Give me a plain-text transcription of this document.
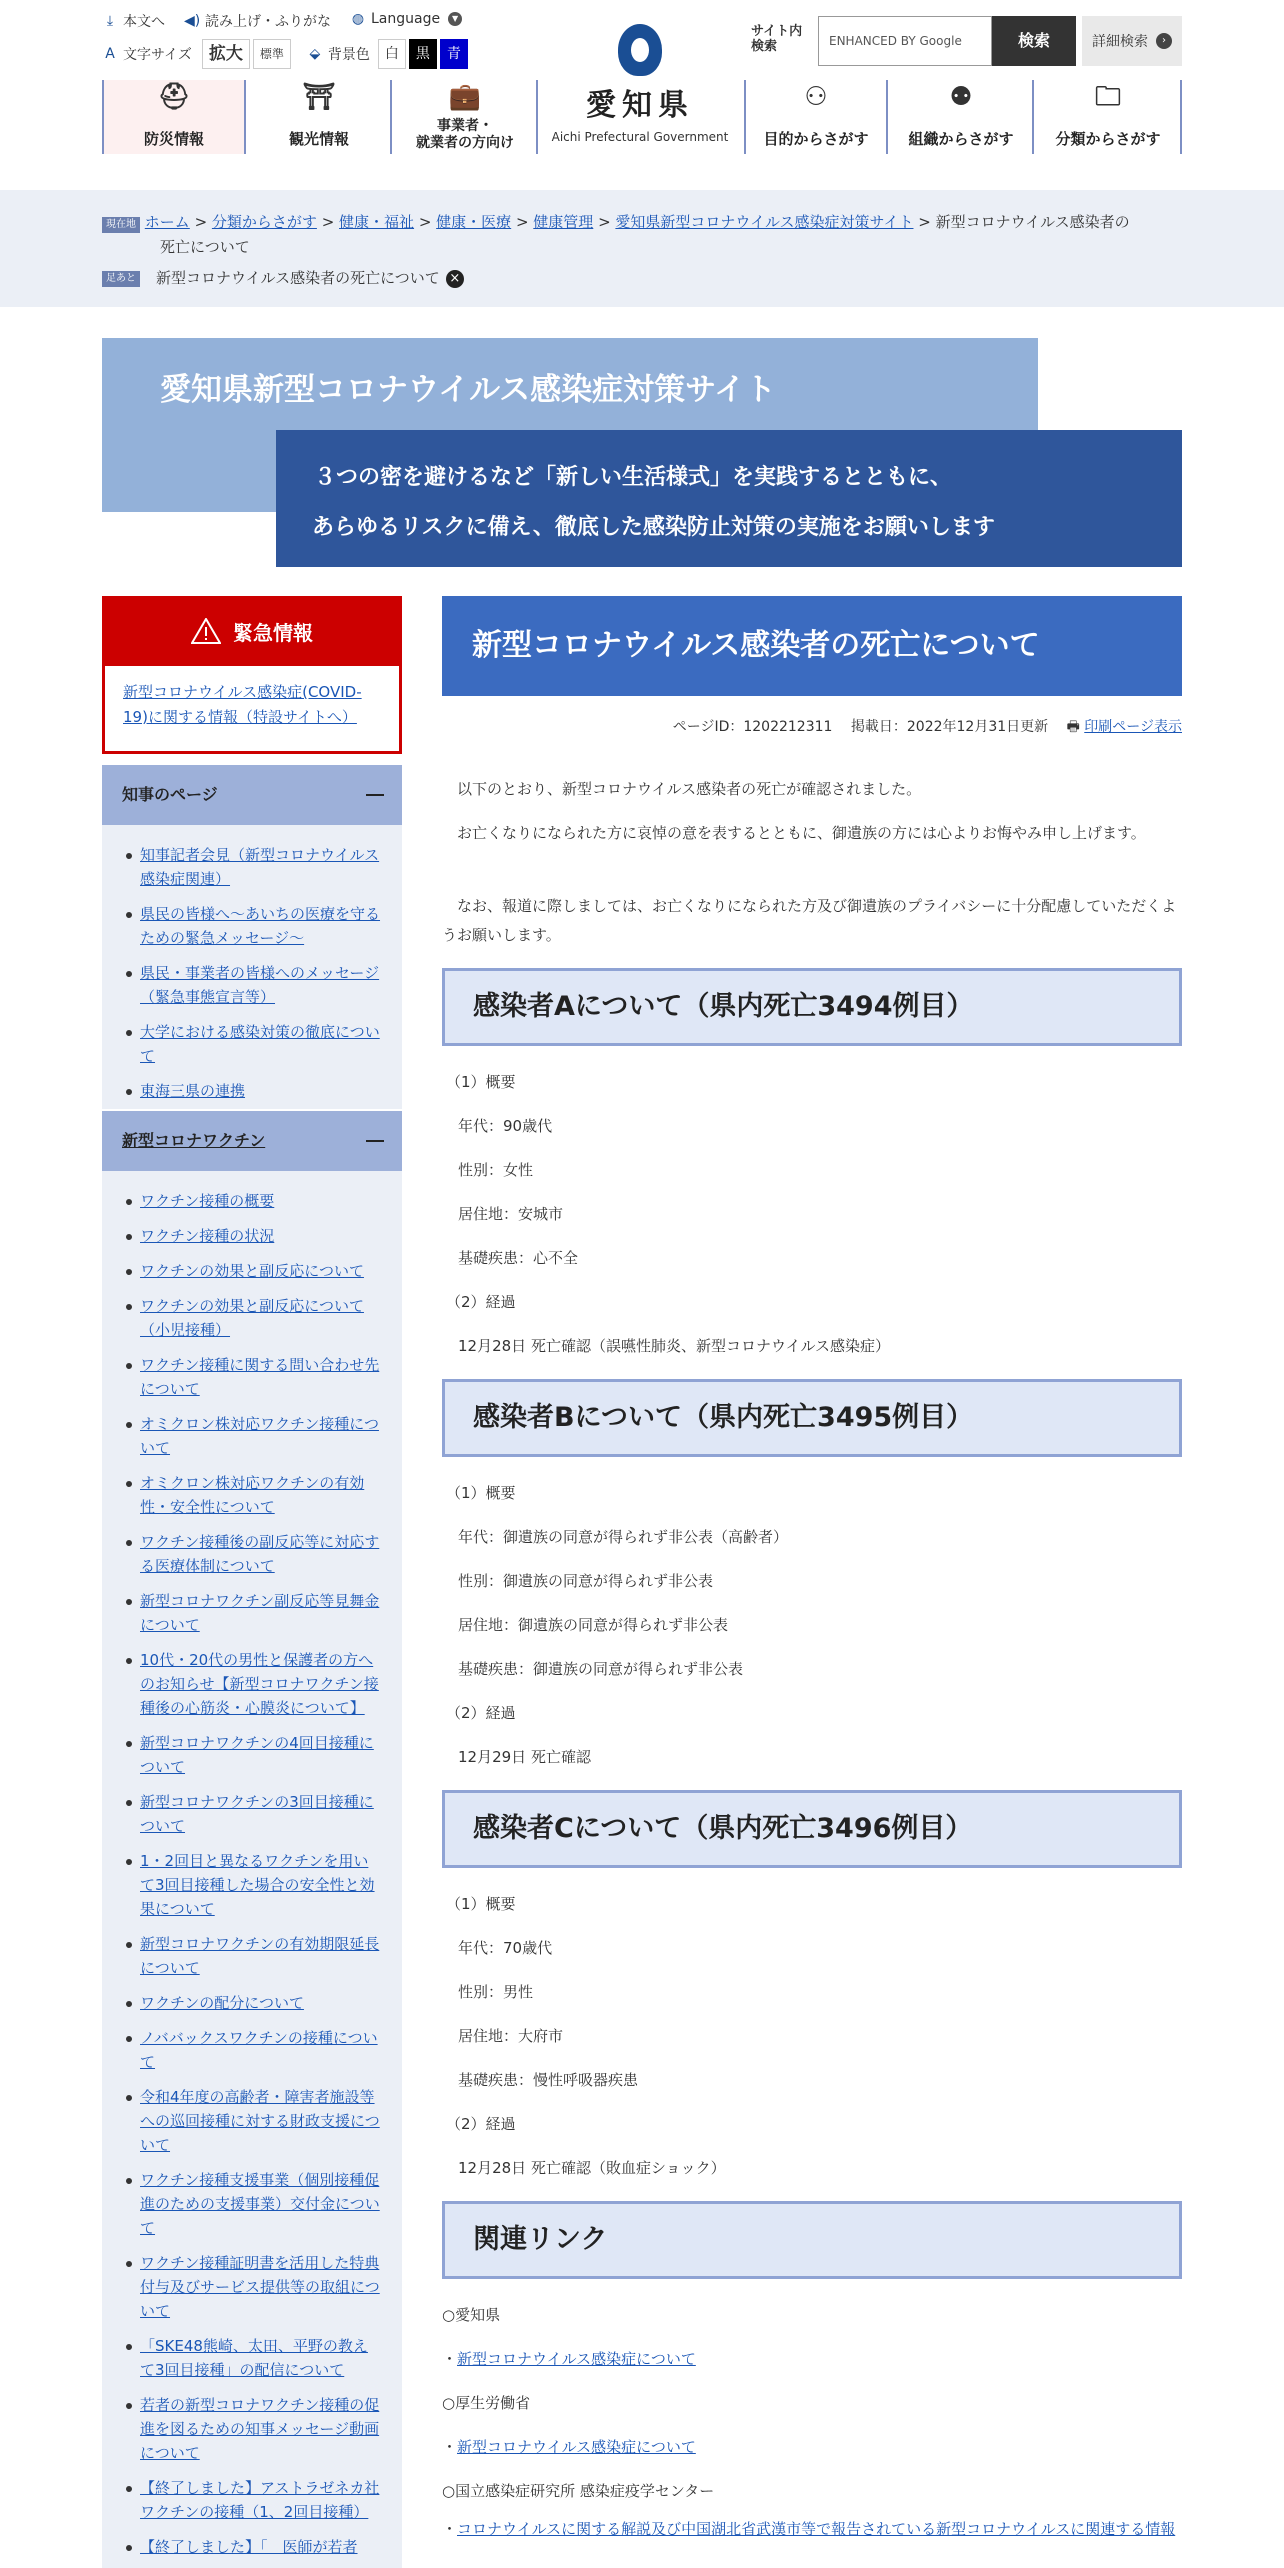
⤓ 本文へ ◀) 読み上げ・ふりがな ◍ Language	▼
A 文字サイズ	拡大	標準	⬙ 背景色	白	黒	青
愛知県
Aichi Prefectural Government
サイト内
検索	ENHANCED BY Google	検索	詳細検索	›
⛑
防災情報
⛩
観光情報
💼
事業者・
就業者の方向け
⚇
目的からさがす
⚉
組織からさがす
🗀
分類からさがす
現在地 ホーム > 分類からさがす > 健康・福祉 > 健康・医療 > 健康管理 > 愛知県新型コロナウイルス感染症対策サイト > 新型コロナウイルス感染者の
死亡について
足あと 新型コロナウイルス感染者の死亡について ×
愛知県新型コロナウイルス感染症対策サイト
３つの密を避けるなど「新しい生活様式」を実践するとともに、
あらゆるリスクに備え、徹底した感染防止対策の実施をお願いします
緊急情報
新型コロナウイルス感染症(COVID-19)に関する情報（特設サイトへ）
知事のページ
知事記者会見（新型コロナウイルス感染症関連）
県民の皆様へ～あいちの医療を守るための緊急メッセージ～
県民・事業者の皆様へのメッセージ（緊急事態宣言等）
大学における感染対策の徹底について
東海三県の連携
新型コロナワクチン
ワクチン接種の概要
ワクチン接種の状況
ワクチンの効果と副反応について
ワクチンの効果と副反応について（小児接種）
ワクチン接種に関する問い合わせ先について
オミクロン株対応ワクチン接種について
オミクロン株対応ワクチンの有効性・安全性について
ワクチン接種後の副反応等に対応する医療体制について
新型コロナワクチン副反応等見舞金について
10代・20代の男性と保護者の方へのお知らせ【新型コロナワクチン接種後の心筋炎・心膜炎について】
新型コロナワクチンの4回目接種について
新型コロナワクチンの3回目接種について
1・2回目と異なるワクチンを用いて3回目接種した場合の安全性と効果について
新型コロナワクチンの有効期限延長について
ワクチンの配分について
ノババックスワクチンの接種について
令和4年度の高齢者・障害者施設等への巡回接種に対する財政支援について
ワクチン接種支援事業（個別接種促進のための支援事業）交付金について
ワクチン接種証明書を活用した特典付与及びサービス提供等の取組について
「SKE48熊崎、太田、平野の教えて3回目接種」の配信について
若者の新型コロナワクチン接種の促進を図るための知事メッセージ動画について
【終了しました】アストラゼネカ社ワクチンの接種（1、2回目接種）
【終了しました】「　医師が若者
新型コロナウイルス感染者の死亡について
ページID：1202212311 掲載日：2022年12月31日更新 🖶 印刷ページ表示
以下のとおり、新型コロナウイルス感染者の死亡が確認されました。
お亡くなりになられた方に哀悼の意を表するとともに、御遺族の方には心よりお悔やみ申し上げます。
なお、報道に際しましては、お亡くなりになられた方及び御遺族のプライバシーに十分配慮していただくようお願いします。
感染者Aについて（県内死亡3494例目）
（1）概要
年代：90歳代
性別：女性
居住地：安城市
基礎疾患：心不全
（2）経過
12月28日 死亡確認（誤嚥性肺炎、新型コロナウイルス感染症）
感染者Bについて（県内死亡3495例目）
（1）概要
年代：御遺族の同意が得られず非公表（高齢者）
性別：御遺族の同意が得られず非公表
居住地：御遺族の同意が得られず非公表
基礎疾患：御遺族の同意が得られず非公表
（2）経過
12月29日 死亡確認
感染者Cについて（県内死亡3496例目）
（1）概要
年代：70歳代
性別：男性
居住地：大府市
基礎疾患：慢性呼吸器疾患
（2）経過
12月28日 死亡確認（敗血症ショック）
関連リンク
○愛知県
・新型コロナウイルス感染症について
○厚生労働省
・新型コロナウイルス感染症について
○国立感染症研究所 感染症疫学センター
・コロナウイルスに関する解説及び中国湖北省武漢市等で報告されている新型コロナウイルスに関連する情報
